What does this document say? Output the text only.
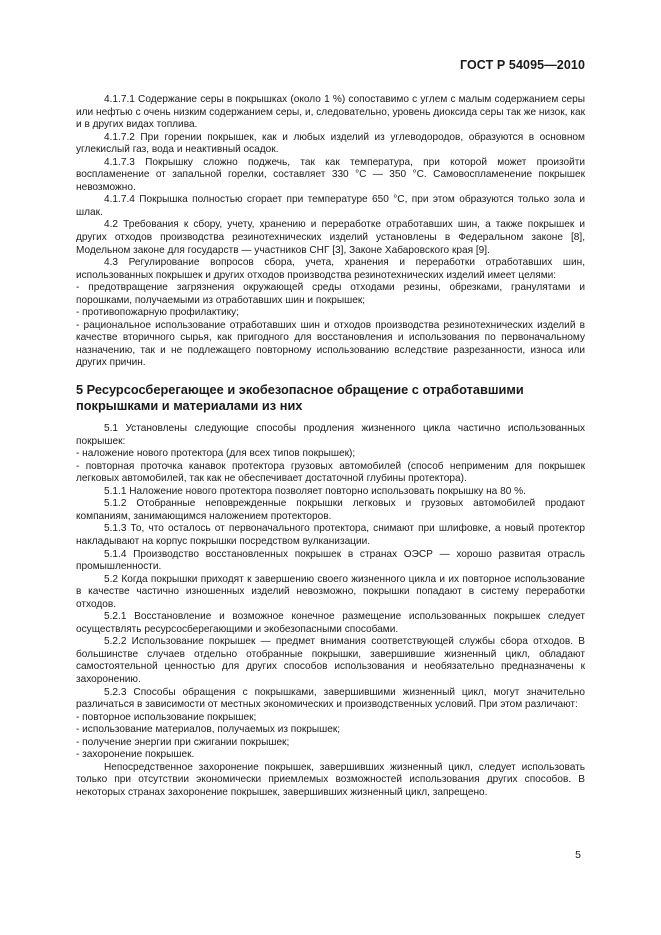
ГОСТ Р 54095—2010

4.1.7.1 Содержание серы в покрышках (около 1 %) сопоставимо с углем с малым содержанием серы или нефтью с очень низким содержанием серы, и, следовательно, уровень диоксида серы так же низок, как и в других видах топлива.

4.1.7.2 При горении покрышек, как и любых изделий из углеводородов, образуются в основном углекислый газ, вода и неактивный осадок.

4.1.7.3 Покрышку сложно поджечь, так как температура, при которой может произойти воспламенение от запальной горелки, составляет 330 °С — 350 °С. Самовоспламенение покрышек невозможно.

4.1.7.4 Покрышка полностью сгорает при температуре 650 °С, при этом образуются только зола и шлак.

4.2 Требования к сбору, учету, хранению и переработке отработавших шин, а также покрышек и других отходов производства резинотехнических изделий установлены в Федеральном законе [8], Модельном законе для государств — участников СНГ [3], Законе Хабаровского края [9].

4.3 Регулирование вопросов сбора, учета, хранения и переработки отработавших шин, использованных покрышек и других отходов производства резинотехнических изделий имеет целями:

- предотвращение загрязнения окружающей среды отходами резины, обрезками, гранулятами и порошками, получаемыми из отработавших шин и покрышек;

- противопожарную профилактику;

- рациональное использование отработавших шин и отходов производства резинотехнических изделий в качестве вторичного сырья, как пригодного для восстановления и использования по первоначальному назначению, так и не подлежащего повторному использованию вследствие разрезанности, износа или других причин.

5 Ресурсосберегающее и экобезопасное обращение с отработавшими покрышками и материалами из них

5.1 Установлены следующие способы продления жизненного цикла частично использованных покрышек:

- наложение нового протектора (для всех типов покрышек);

- повторная проточка канавок протектора грузовых автомобилей (способ неприменим для покрышек легковых автомобилей, так как не обеспечивает достаточной глубины протектора).

5.1.1 Наложение нового протектора позволяет повторно использовать покрышку на 80 %.

5.1.2 Отобранные неповрежденные покрышки легковых и грузовых автомобилей продают компаниям, занимающимся наложением протекторов.

5.1.3 То, что осталось от первоначального протектора, снимают при шлифовке, а новый протектор накладывают на корпус покрышки посредством вулканизации.

5.1.4 Производство восстановленных покрышек в странах ОЭСР — хорошо развитая отрасль промышленности.

5.2 Когда покрышки приходят к завершению своего жизненного цикла и их повторное использование в качестве частично изношенных изделий невозможно, покрышки попадают в систему переработки отходов.

5.2.1 Восстановление и возможное конечное размещение использованных покрышек следует осуществлять ресурсосберегающими и экобезопасными способами.

5.2.2 Использование покрышек — предмет внимания соответствующей службы сбора отходов. В большинстве случаев отдельно отобранные покрышки, завершившие жизненный цикл, обладают самостоятельной ценностью для других способов использования и необязательно предназначены к захоронению.

5.2.3 Способы обращения с покрышками, завершившими жизненный цикл, могут значительно различаться в зависимости от местных экономических и производственных условий. При этом различают:

- повторное использование покрышек;

- использование материалов, получаемых из покрышек;

- получение энергии при сжигании покрышек;

- захоронение покрышек.

Непосредственное захоронение покрышек, завершивших жизненный цикл, следует использовать только при отсутствии экономически приемлемых возможностей использования других способов. В некоторых странах захоронение покрышек, завершивших жизненный цикл, запрещено.

5
